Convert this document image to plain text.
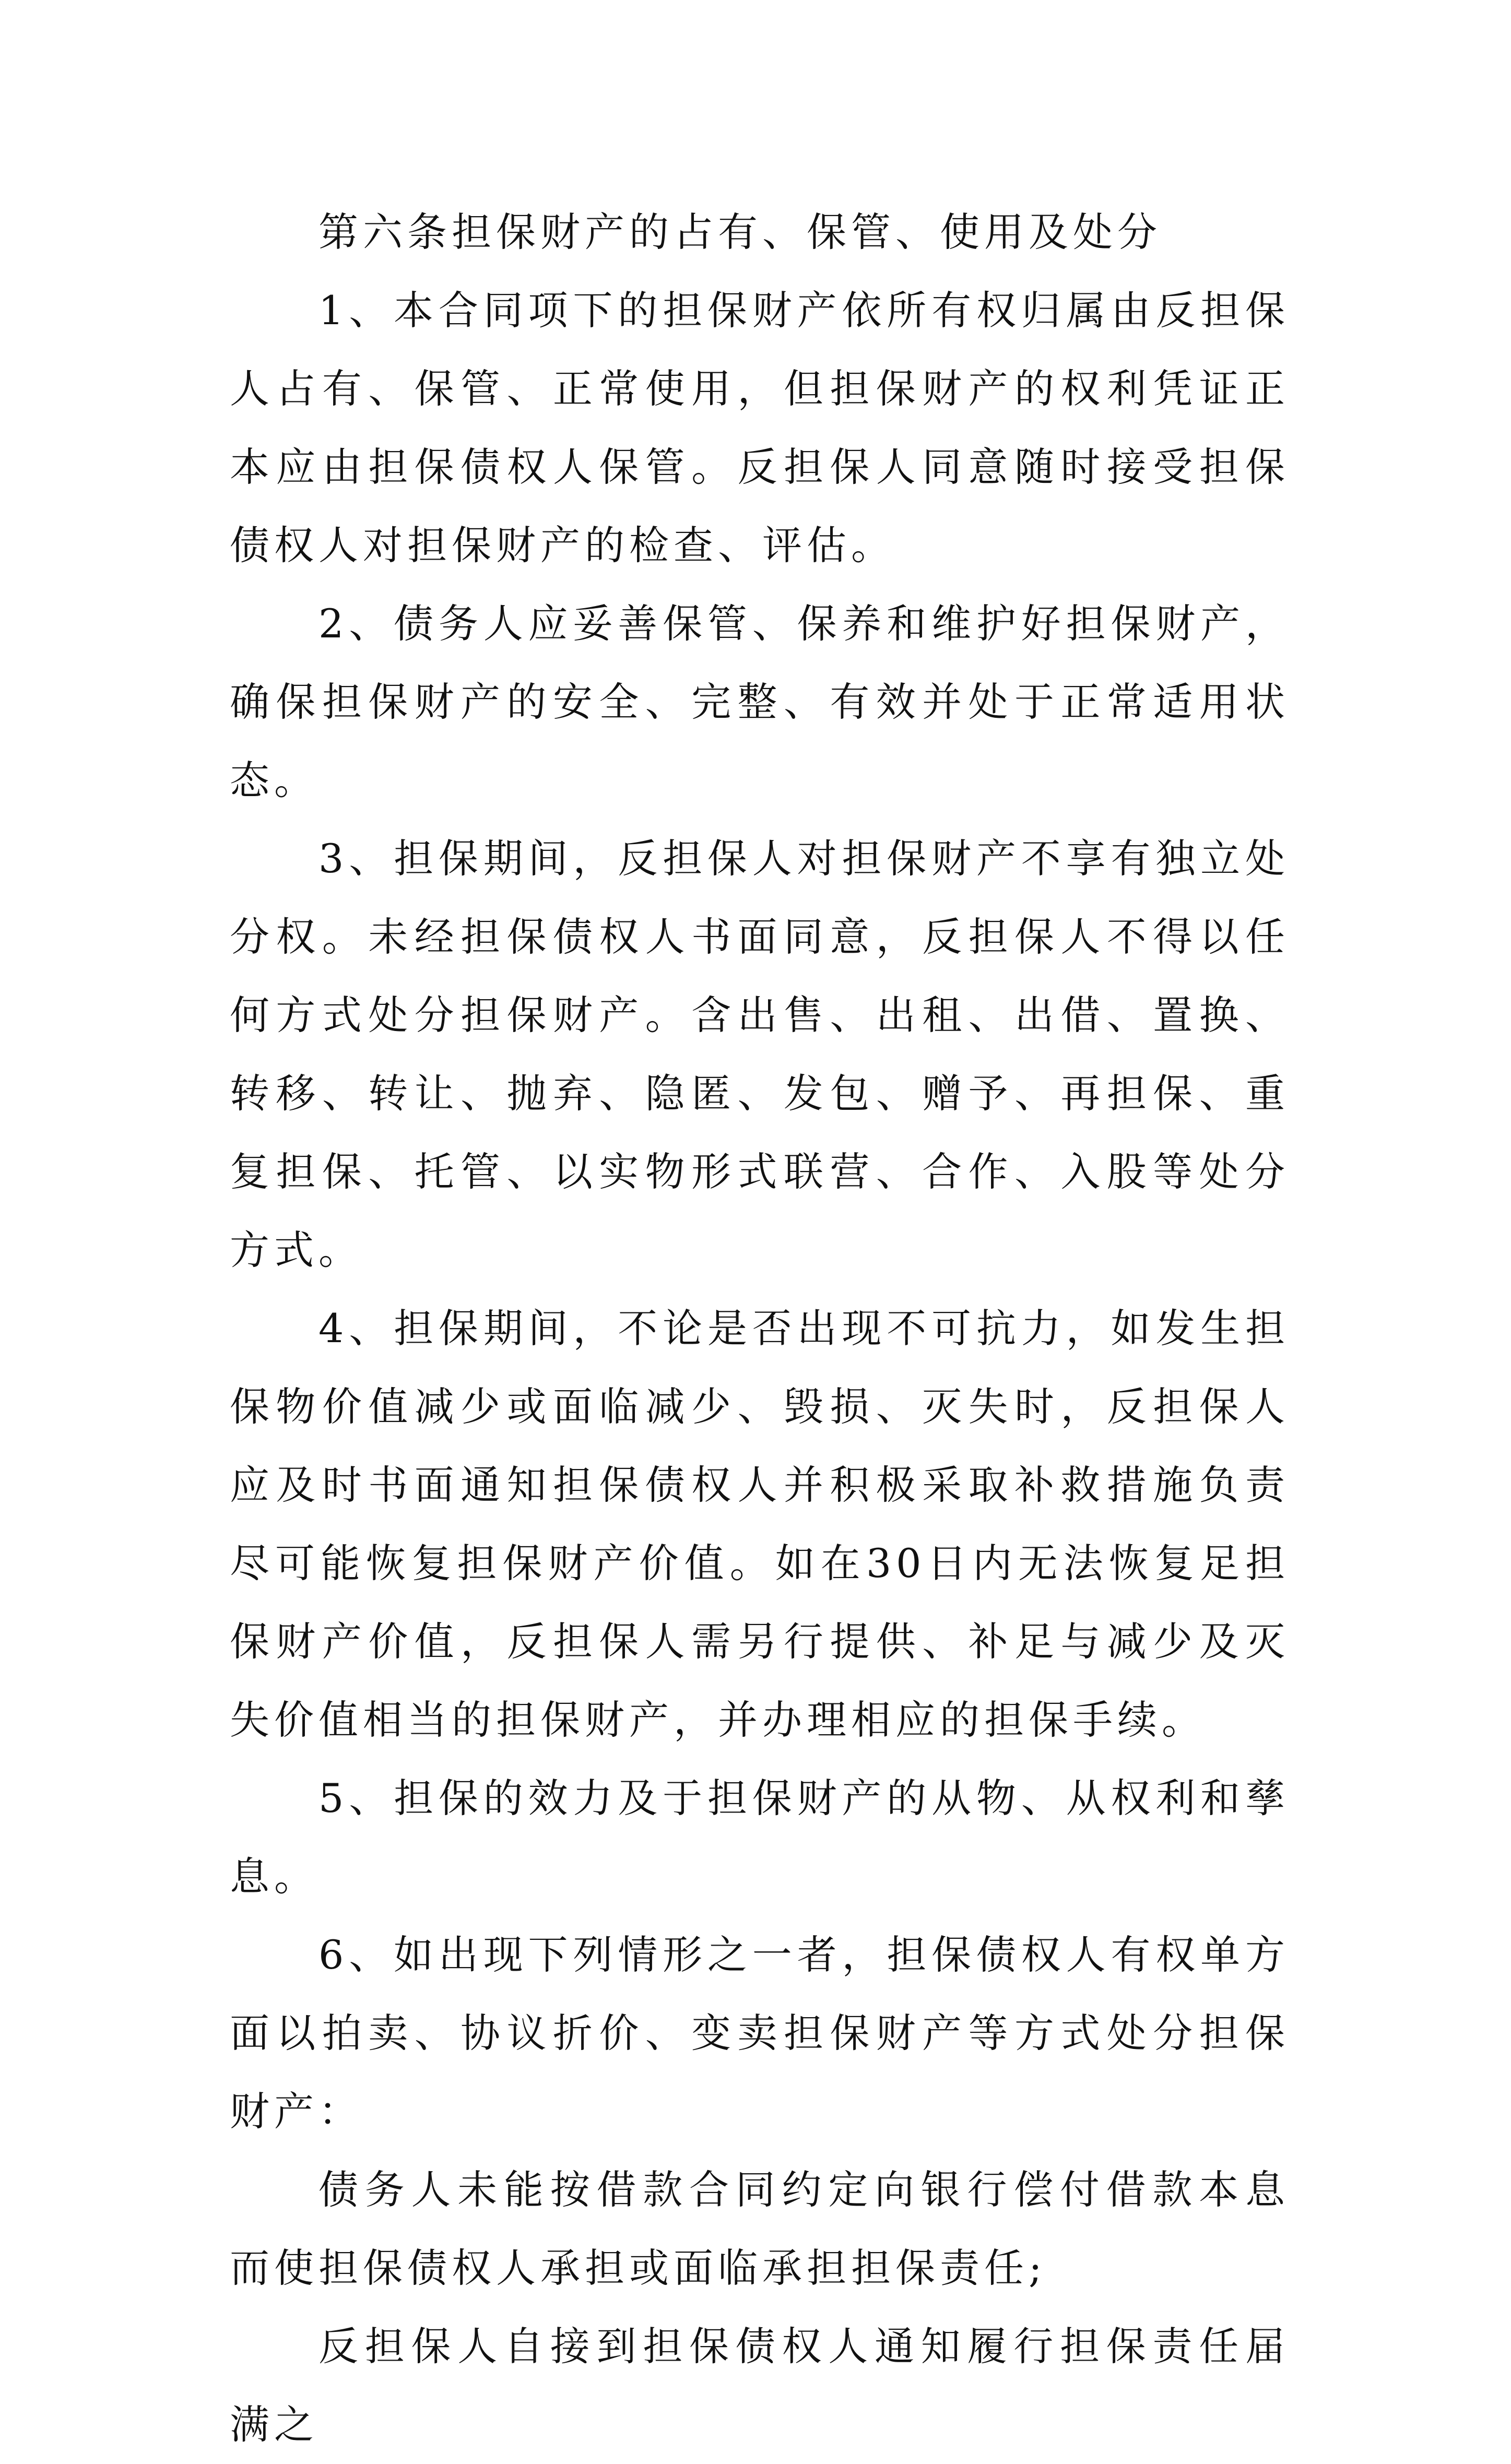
第六条担保财产的占有、保管、使用及处分

1、本合同项下的担保财产依所有权归属由反担保人占有、保管、正常使用，但担保财产的权利凭证正本应由担保债权人保管。反担保人同意随时接受担保债权人对担保财产的检查、评估。

2、债务人应妥善保管、保养和维护好担保财产，确保担保财产的安全、完整、有效并处于正常适用状态。

3、担保期间，反担保人对担保财产不享有独立处分权。未经担保债权人书面同意，反担保人不得以任何方式处分担保财产。含出售、出租、出借、置换、转移、转让、抛弃、隐匿、发包、赠予、再担保、重复担保、托管、以实物形式联营、合作、入股等处分方式。

4、担保期间，不论是否出现不可抗力，如发生担保物价值减少或面临减少、毁损、灭失时，反担保人应及时书面通知担保债权人并积极采取补救措施负责尽可能恢复担保财产价值。如在30日内无法恢复足担保财产价值，反担保人需另行提供、补足与减少及灭失价值相当的担保财产，并办理相应的担保手续。

5、担保的效力及于担保财产的从物、从权利和孳息。

6、如出现下列情形之一者，担保债权人有权单方面以拍卖、协议折价、变卖担保财产等方式处分担保财产：

债务人未能按借款合同约定向银行偿付借款本息而使担保债权人承担或面临承担担保责任;

反担保人自接到担保债权人通知履行担保责任届满之
